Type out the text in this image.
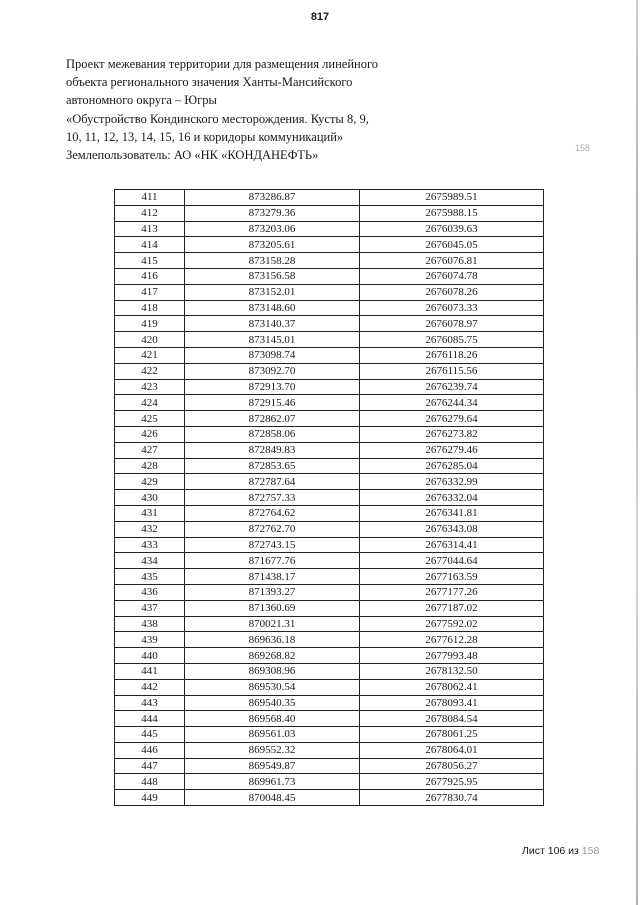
817
Проект межевания территории для размещения линейного
объекта регионального значения Ханты-Мансийского
автономного округа – Югры
«Обустройство Кондинского месторождения. Кусты 8, 9,
10, 11, 12, 13, 14, 15, 16 и коридоры коммуникаций»
Землепользователь: АО «НК «КОНДАНЕФТЬ»
158
411	873286.87	2675989.51
412	873279.36	2675988.15
413	873203.06	2676039.63
414	873205.61	2676045.05
415	873158.28	2676076.81
416	873156.58	2676074.78
417	873152.01	2676078.26
418	873148.60	2676073.33
419	873140.37	2676078.97
420	873145.01	2676085.75
421	873098.74	2676118.26
422	873092.70	2676115.56
423	872913.70	2676239.74
424	872915.46	2676244.34
425	872862.07	2676279.64
426	872858.06	2676273.82
427	872849.83	2676279.46
428	872853.65	2676285.04
429	872787.64	2676332.99
430	872757.33	2676332.04
431	872764.62	2676341.81
432	872762.70	2676343.08
433	872743.15	2676314.41
434	871677.76	2677044.64
435	871438.17	2677163.59
436	871393.27	2677177.26
437	871360.69	2677187.02
438	870021.31	2677592.02
439	869636.18	2677612.28
440	869268.82	2677993.48
441	869308.96	2678132.50
442	869530.54	2678062.41
443	869540.35	2678093.41
444	869568.40	2678084.54
445	869561.03	2678061.25
446	869552.32	2678064.01
447	869549.87	2678056.27
448	869961.73	2677925.95
449	870048.45	2677830.74
Лист 106 из 158
